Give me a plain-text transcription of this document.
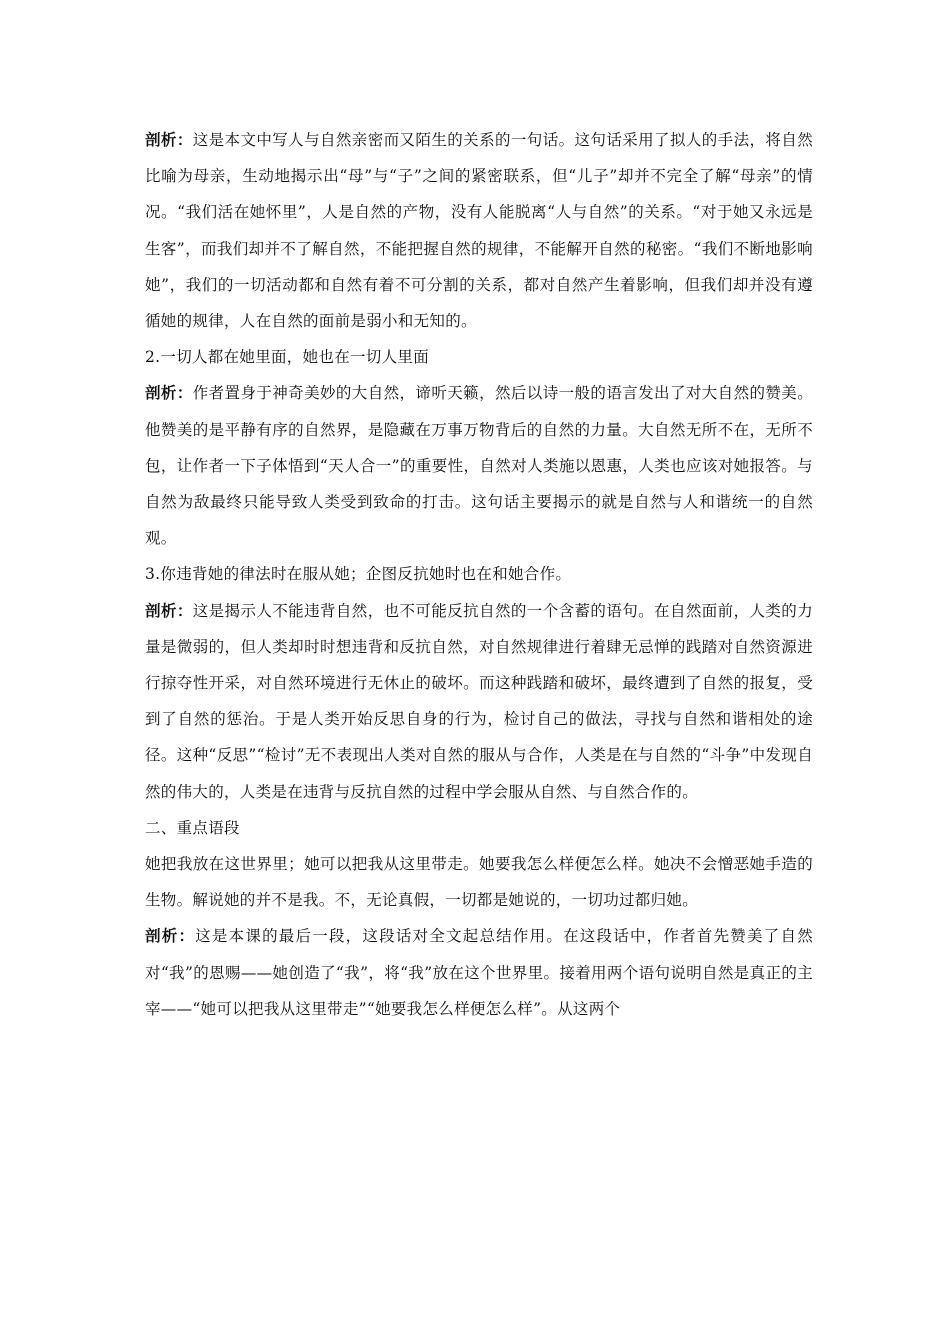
剖析：这是本文中写人与自然亲密而又陌生的关系的一句话。这句话采用了拟人的手法，将自然比喻为母亲，生动地揭示出“母”与“子”之间的紧密联系，但“儿子”却并不完全了解“母亲”的情况。“我们活在她怀里”，人是自然的产物，没有人能脱离“人与自然”的关系。“对于她又永远是生客”，而我们却并不了解自然，不能把握自然的规律，不能解开自然的秘密。“我们不断地影响她”，我们的一切活动都和自然有着不可分割的关系，都对自然产生着影响，但我们却并没有遵循她的规律，人在自然的面前是弱小和无知的。

2.一切人都在她里面，她也在一切人里面

剖析：作者置身于神奇美妙的大自然，谛听天籁，然后以诗一般的语言发出了对大自然的赞美。他赞美的是平静有序的自然界，是隐藏在万事万物背后的自然的力量。大自然无所不在，无所不包，让作者一下子体悟到“天人合一”的重要性，自然对人类施以恩惠，人类也应该对她报答。与自然为敌最终只能导致人类受到致命的打击。这句话主要揭示的就是自然与人和谐统一的自然观。

3.你违背她的律法时在服从她；企图反抗她时也在和她合作。

剖析：这是揭示人不能违背自然，也不可能反抗自然的一个含蓄的语句。在自然面前，人类的力量是微弱的，但人类却时时想违背和反抗自然，对自然规律进行着肆无忌惮的践踏对自然资源进行掠夺性开采，对自然环境进行无休止的破坏。而这种践踏和破坏，最终遭到了自然的报复，受到了自然的惩治。于是人类开始反思自身的行为，检讨自己的做法，寻找与自然和谐相处的途径。这种“反思”“检讨”无不表现出人类对自然的服从与合作，人类是在与自然的“斗争”中发现自然的伟大的，人类是在违背与反抗自然的过程中学会服从自然、与自然合作的。

二、重点语段

她把我放在这世界里；她可以把我从这里带走。她要我怎么样便怎么样。她决不会憎恶她手造的生物。解说她的并不是我。不，无论真假，一切都是她说的，一切功过都归她。

剖析：这是本课的最后一段，这段话对全文起总结作用。在这段话中，作者首先赞美了自然对“我”的恩赐——她创造了“我”，将“我”放在这个世界里。接着用两个语句说明自然是真正的主宰——“她可以把我从这里带走”“她要我怎么样便怎么样”。从这两个
